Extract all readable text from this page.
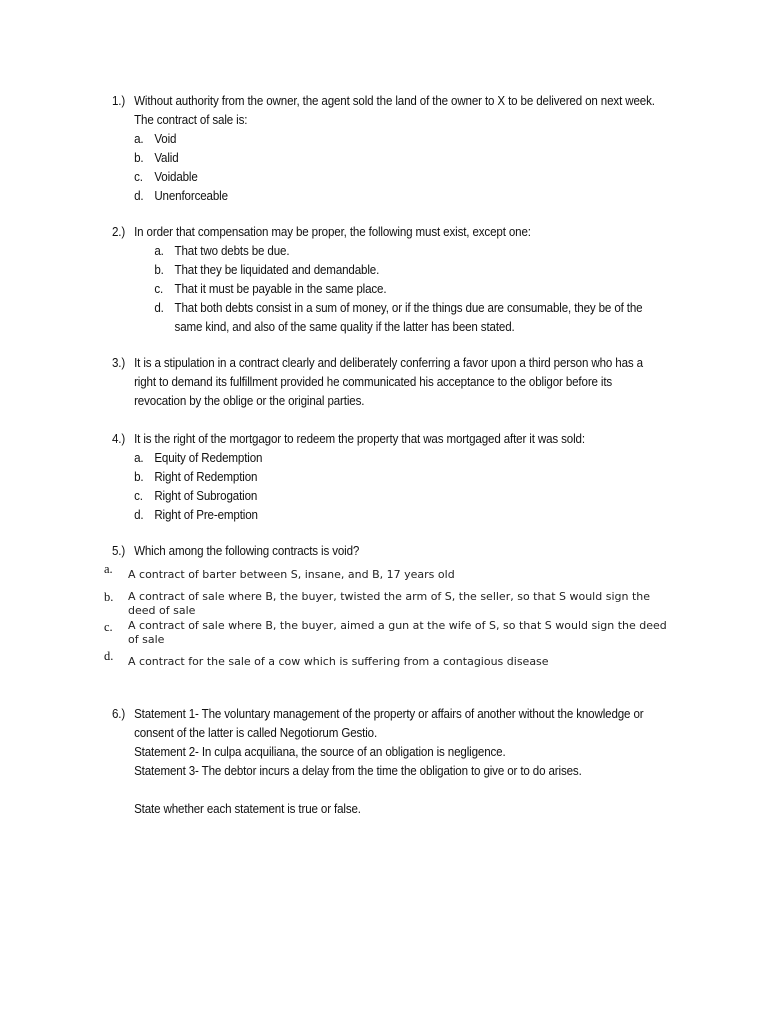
1.) Without authority from the owner, the agent sold the land of the owner to X to be delivered on next week. The contract of sale is:
a. Void
b. Valid
c. Voidable
d. Unenforceable
2.) In order that compensation may be proper, the following must exist, except one:
a. That two debts be due.
b. That they be liquidated and demandable.
c. That it must be payable in the same place.
d. That both debts consist in a sum of money, or if the things due are consumable, they be of the same kind, and also of the same quality if the latter has been stated.
3.) It is a stipulation in a contract clearly and deliberately conferring a favor upon a third person who has a right to demand its fulfillment provided he communicated his acceptance to the obligor before its revocation by the oblige or the original parties.
4.) It is the right of the mortgagor to redeem the property that was mortgaged after it was sold:
a. Equity of Redemption
b. Right of Redemption
c. Right of Subrogation
d. Right of Pre-emption
5.) Which among the following contracts is void?
a. A contract of barter between S, insane, and B, 17 years old
b. A contract of sale where B, the buyer, twisted the arm of S, the seller, so that S would sign the deed of sale
c. A contract of sale where B, the buyer, aimed a gun at the wife of S, so that S would sign the deed of sale
d. A contract for the sale of a cow which is suffering from a contagious disease
6.) Statement 1- The voluntary management of the property or affairs of another without the knowledge or consent of the latter is called Negotiorum Gestio.
Statement 2- In culpa acquiliana, the source of an obligation is negligence.
Statement 3- The debtor incurs a delay from the time the obligation to give or to do arises.
State whether each statement is true or false.
